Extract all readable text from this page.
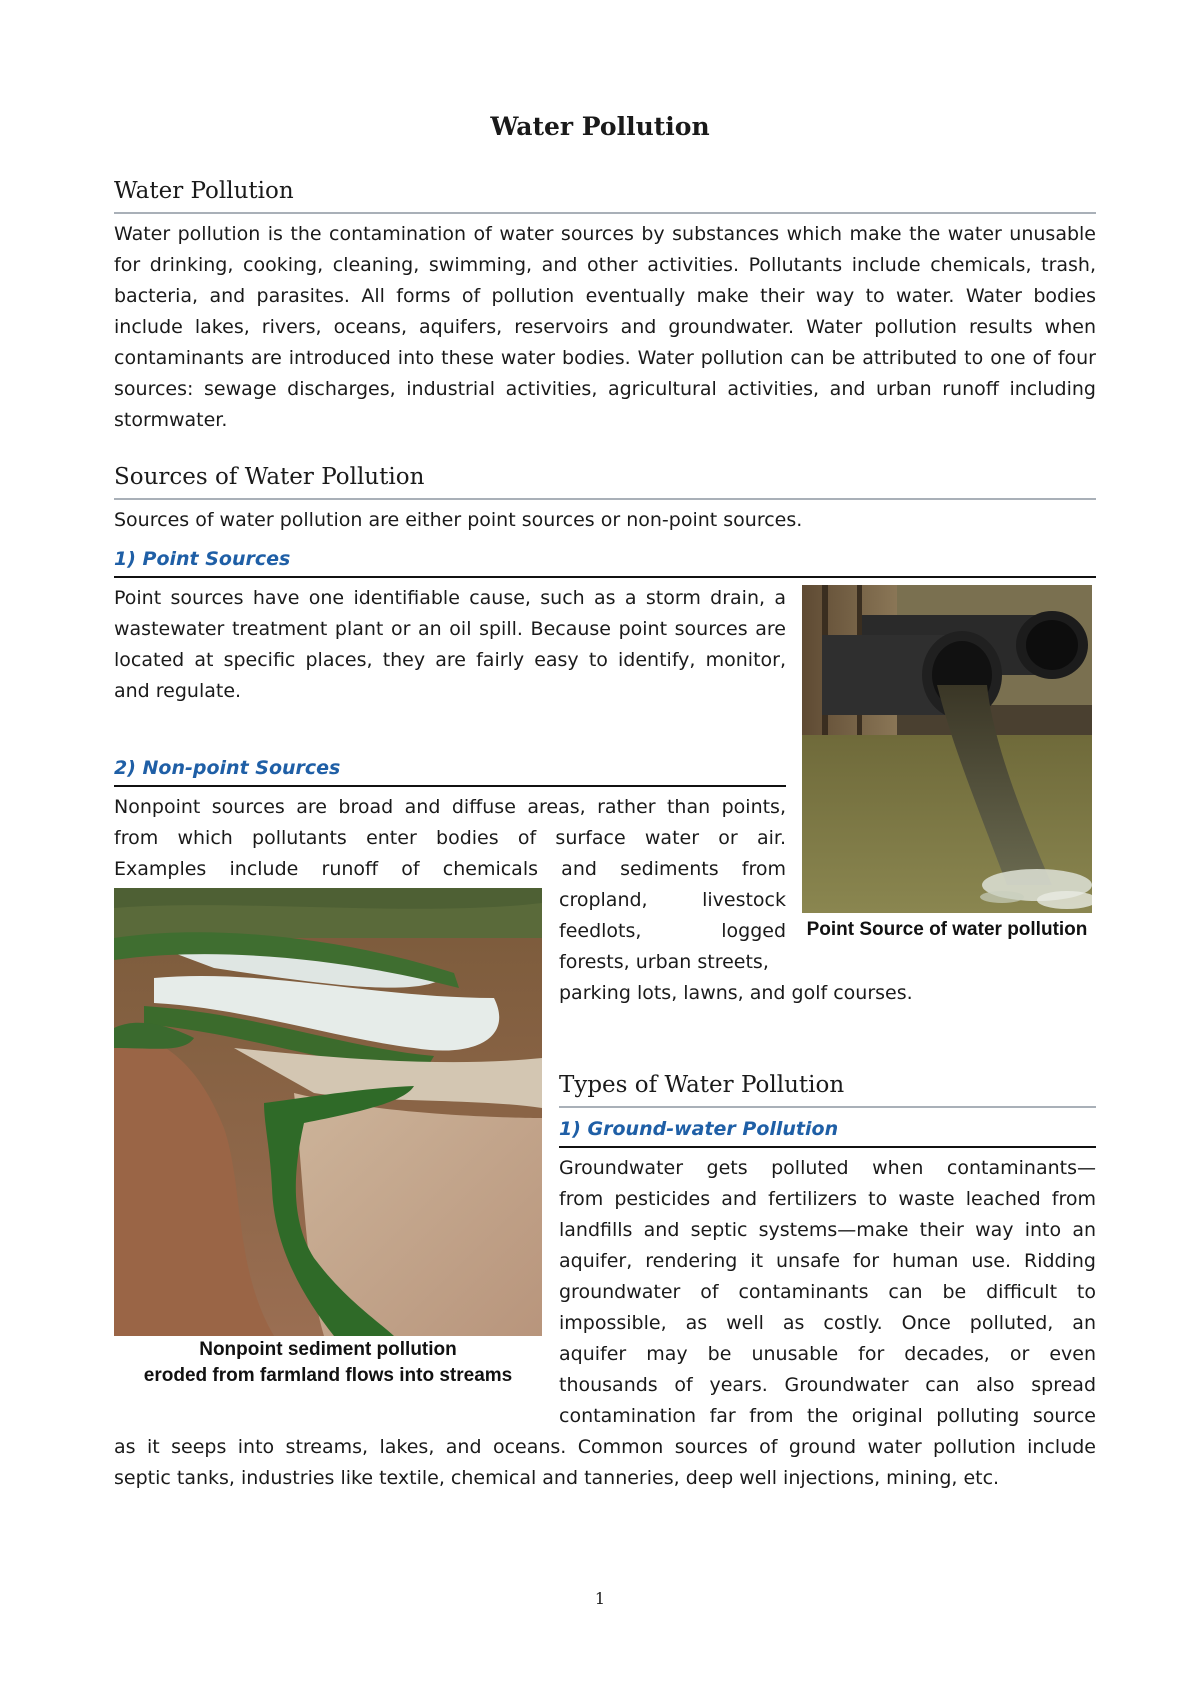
Water Pollution
Water Pollution
Water pollution is the contamination of water sources by substances which make the water unusable for drinking, cooking, cleaning, swimming, and other activities. Pollutants include chemicals, trash, bacteria, and parasites. All forms of pollution eventually make their way to water. Water bodies include lakes, rivers, oceans, aquifers, reservoirs and groundwater. Water pollution results when contaminants are introduced into these water bodies. Water pollution can be attributed to one of four sources: sewage discharges, industrial activities, agricultural activities, and urban runoff including stormwater.
Sources of Water Pollution
Sources of water pollution are either point sources or non-point sources.
1) Point Sources
Point sources have one identifiable cause, such as a storm drain, a wastewater treatment plant or an oil spill. Because point sources are located at specific places, they are fairly easy to identify, monitor, and regulate.
Point Source of water pollution
2) Non-point Sources
Nonpoint sources are broad and diffuse areas, rather than points,
from which pollutants enter bodies of surface water or air.
Examples include runoff of chemicals and sediments from
cropland, livestock
feedlots, logged
forests, urban streets,
parking lots, lawns, and golf courses.
Nonpoint sediment pollution
eroded from farmland flows into streams
Types of Water Pollution
1) Ground-water Pollution
Groundwater gets polluted when contaminants—
from pesticides and fertilizers to waste leached from
landfills and septic systems—make their way into an
aquifer, rendering it unsafe for human use. Ridding
groundwater of contaminants can be difficult to
impossible, as well as costly. Once polluted, an
aquifer may be unusable for decades, or even
thousands of years. Groundwater can also spread
contamination far from the original polluting source
as it seeps into streams, lakes, and oceans. Common sources of ground water pollution include
septic tanks, industries like textile, chemical and tanneries, deep well injections, mining, etc.
1
